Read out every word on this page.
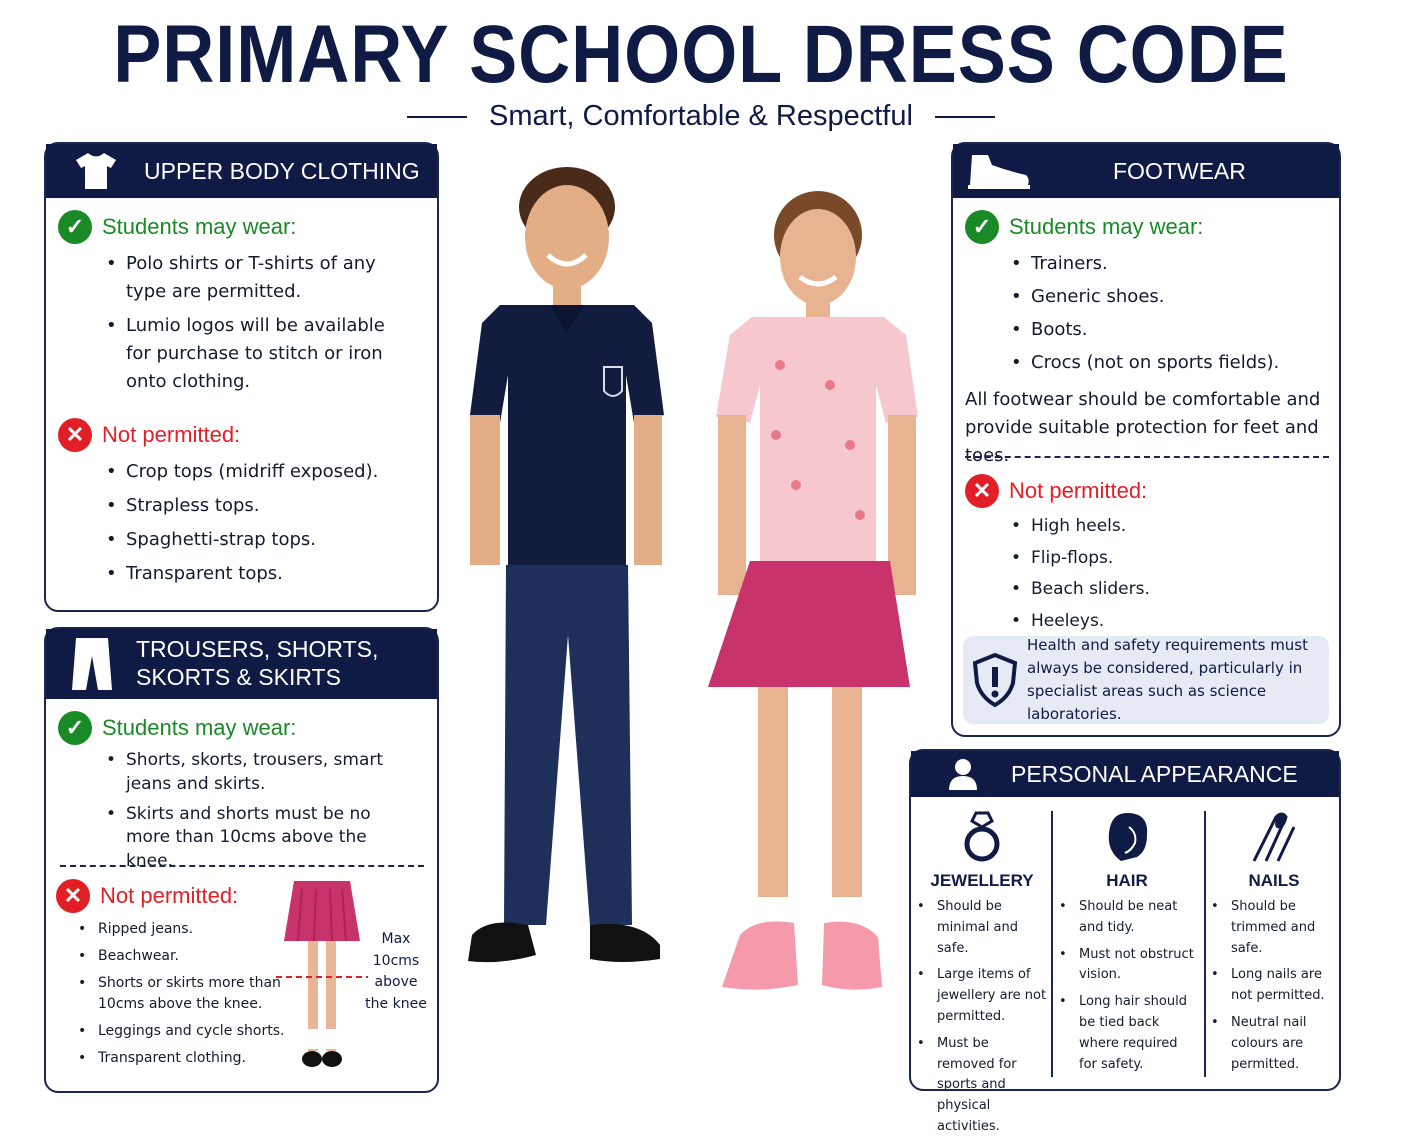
PRIMARY SCHOOL DRESS CODE
Smart, Comfortable & Respectful
UPPER BODY CLOTHING
✓ Students may wear:
• Polo shirts or T-shirts of any type are permitted.
• Lumio logos will be available for purchase to stitch or iron onto clothing.
✕ Not permitted:
• Crop tops (midriff exposed).
• Strapless tops.
• Spaghetti-strap tops.
• Transparent tops.
TROUSERS, SHORTS,
SKORTS & SKIRTS
✓ Students may wear:
• Shorts, skorts, trousers, smart jeans and skirts.
• Skirts and shorts must be no more than 10cms above the knee.
✕ Not permitted:
• Ripped jeans.
• Beachwear.
• Shorts or skirts more than 10cms above the knee.
• Leggings and cycle shorts.
• Transparent clothing.
Max
10cms
above
the knee
FOOTWEAR
✓ Students may wear:
• Trainers.
• Generic shoes.
• Boots.
• Crocs (not on sports fields).
All footwear should be comfortable and provide suitable protection for feet and toes.
✕ Not permitted:
• High heels.
• Flip-flops.
• Beach sliders.
• Heeleys.
Health and safety requirements must always be considered, particularly in specialist areas such as science laboratories.
PERSONAL APPEARANCE
JEWELLERY
• Should be minimal and safe.
• Large items of jewellery are not permitted.
• Must be removed for sports and physical activities.
HAIR
• Should be neat and tidy.
• Must not obstruct vision.
• Long hair should be tied back where required for safety.
NAILS
• Should be trimmed and safe.
• Long nails are not permitted.
• Neutral nail colours are permitted.
